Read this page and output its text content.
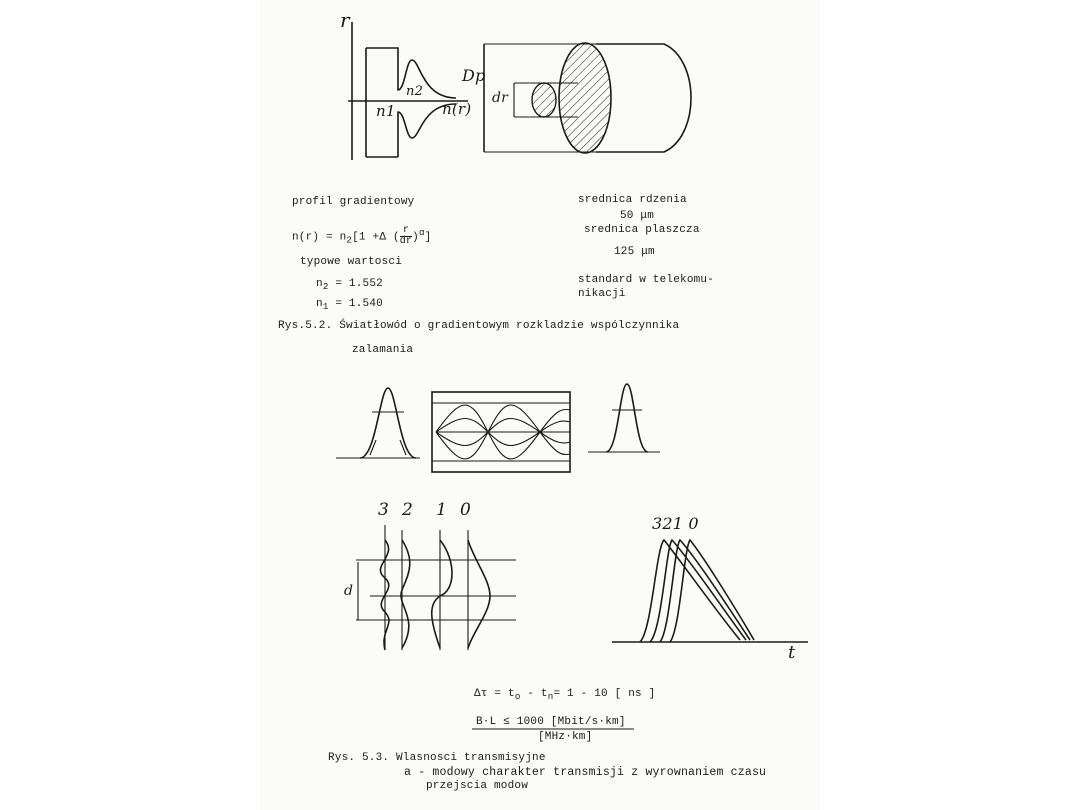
r
n2
n1	n(r)
Dp
dr
profil gradientowy
$n(r) = n_2[1 +\Delta$ ( $\frac{r}{dr} )^\alpha$]
typowe wartosci
$n_2 = 1.552$
$n_1 = 1.540$
srednica rdzenia
50 μm
srednica plaszcza
125 μm
standard w telekomu-
nikacji
Rys.5.2. Światłowód o gradientowym rozkladzie wspólczynnika
zalamania
3 2 1 0
d
321 0
t
$\Delta\tau = t_o - t_n= 1 - 10$ [ ns ]
B·L ≤ 1000 [Mbit/s·km]
[MHz·km]
Rys. 5.3. Wlasnosci transmisyjne
a - modowy charakter transmisji z wyrownaniem czasu
przejscia modow
